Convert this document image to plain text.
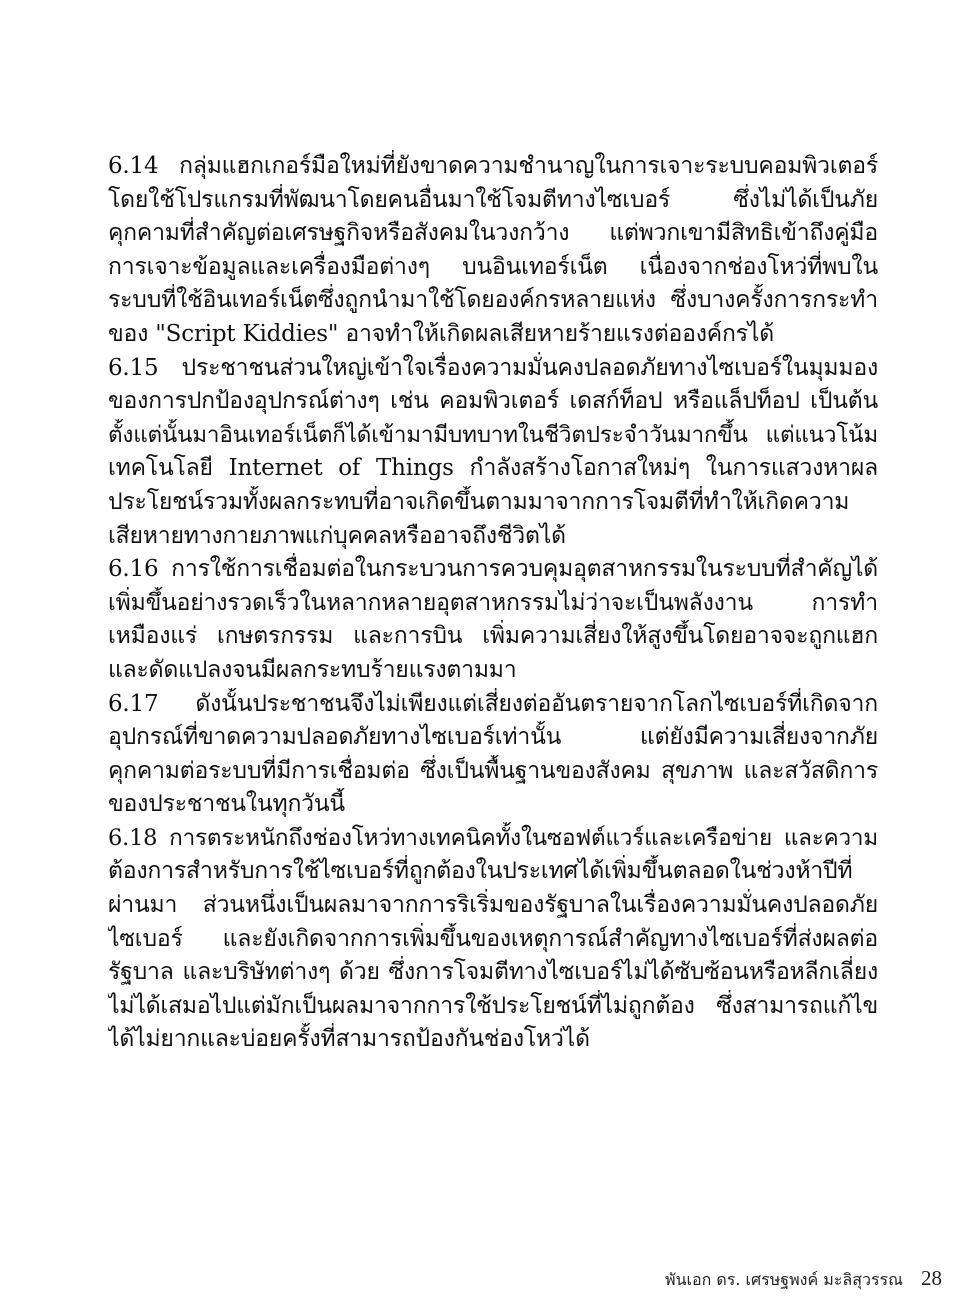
6.14 กลุ่มแฮกเกอร์มือใหม่ที่ยังขาดความชำนาญในการเจาะระบบคอมพิวเตอร์
โดยใช้โปรแกรมที่พัฒนาโดยคนอื่นมาใช้โจมตีทางไซเบอร์ ซึ่งไม่ได้เป็นภัย
คุกคามที่สำคัญต่อเศรษฐกิจหรือสังคมในวงกว้าง แต่พวกเขามีสิทธิเข้าถึงคู่มือ
การเจาะข้อมูลและเครื่องมือต่างๆ บนอินเทอร์เน็ต เนื่องจากช่องโหว่ที่พบใน
ระบบที่ใช้อินเทอร์เน็ตซึ่งถูกนำมาใช้โดยองค์กรหลายแห่ง ซึ่งบางครั้งการกระทำ
ของ "Script Kiddies" อาจทำให้เกิดผลเสียหายร้ายแรงต่อองค์กรได้
6.15 ประชาชนส่วนใหญ่เข้าใจเรื่องความมั่นคงปลอดภัยทางไซเบอร์ในมุมมอง
ของการปกป้องอุปกรณ์ต่างๆ เช่น คอมพิวเตอร์ เดสก์ท็อป หรือแล็ปท็อป เป็นต้น
ตั้งแต่นั้นมาอินเทอร์เน็ตก็ได้เข้ามามีบทบาทในชีวิตประจำวันมากขึ้น แต่แนวโน้ม
เทคโนโลยี Internet of Things กำลังสร้างโอกาสใหม่ๆ ในการแสวงหาผล
ประโยชน์รวมทั้งผลกระทบที่อาจเกิดขึ้นตามมาจากการโจมตีที่ทำให้เกิดความ
เสียหายทางกายภาพแก่บุคคลหรืออาจถึงชีวิตได้
6.16 การใช้การเชื่อมต่อในกระบวนการควบคุมอุตสาหกรรมในระบบที่สำคัญได้
เพิ่มขึ้นอย่างรวดเร็วในหลากหลายอุตสาหกรรมไม่ว่าจะเป็นพลังงาน การทำ
เหมืองแร่ เกษตรกรรม และการบิน เพิ่มความเสี่ยงให้สูงขึ้นโดยอาจจะถูกแฮก
และดัดแปลงจนมีผลกระทบร้ายแรงตามมา
6.17 ดังนั้นประชาชนจึงไม่เพียงแต่เสี่ยงต่ออันตรายจากโลกไซเบอร์ที่เกิดจาก
อุปกรณ์ที่ขาดความปลอดภัยทางไซเบอร์เท่านั้น แต่ยังมีความเสี่ยงจากภัย
คุกคามต่อระบบที่มีการเชื่อมต่อ ซึ่งเป็นพื้นฐานของสังคม สุขภาพ และสวัสดิการ
ของประชาชนในทุกวันนี้
6.18 การตระหนักถึงช่องโหว่ทางเทคนิคทั้งในซอฟต์แวร์และเครือข่าย และความ
ต้องการสำหรับการใช้ไซเบอร์ที่ถูกต้องในประเทศได้เพิ่มขึ้นตลอดในช่วงห้าปีที่
ผ่านมา ส่วนหนึ่งเป็นผลมาจากการริเริ่มของรัฐบาลในเรื่องความมั่นคงปลอดภัย
ไซเบอร์ และยังเกิดจากการเพิ่มขึ้นของเหตุการณ์สำคัญทางไซเบอร์ที่ส่งผลต่อ
รัฐบาล และบริษัทต่างๆ ด้วย ซึ่งการโจมตีทางไซเบอร์ไม่ได้ซับซ้อนหรือหลีกเลี่ยง
ไม่ได้เสมอไปแต่มักเป็นผลมาจากการใช้ประโยชน์ที่ไม่ถูกต้อง ซึ่งสามารถแก้ไข
ได้ไม่ยากและบ่อยครั้งที่สามารถป้องกันช่องโหว่ได้
พันเอก ดร. เศรษฐพงค์ มะลิสุวรรณ 28
